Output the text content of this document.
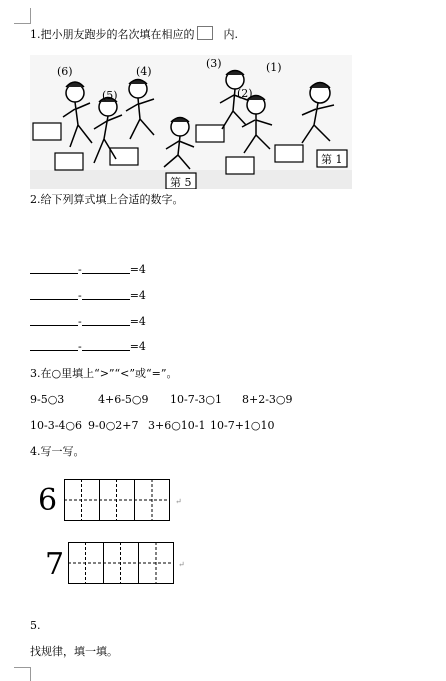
1.把小朋友跑步的名次填在相应的	内.
(6)	(4)
(5)
(3)	(1)
(2)
第 1
第 5
2.给下列算式填上合适的数字。
-	=4
-	=4
-	=4
-	=4
3.在○里填上“>”“<”或“=”。
9-5○3	4+6-5○9 10-7-3○1 8+2-3○9
10-3-4○6 9-0○2+7 3+6○10-1 10-7+1○10
4.写一写。
6	↵
7	↵
5.
找规律，填一填。
